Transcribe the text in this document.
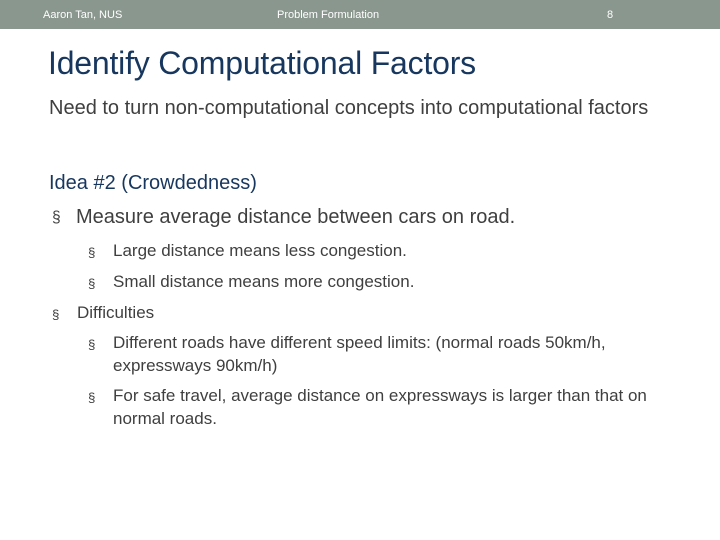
Aaron Tan, NUS	Problem Formulation	8
Identify Computational Factors
Need to turn non-computational concepts into computational factors
Idea #2 (Crowdedness)
§ Measure average distance between cars on road.
§	Large distance means less congestion.
§	Small distance means more congestion.
§	Difficulties
§	Different roads have different speed limits: (normal roads 50km/h, expressways 90km/h)
§	For safe travel, average distance on expressways is larger than that on normal roads.
